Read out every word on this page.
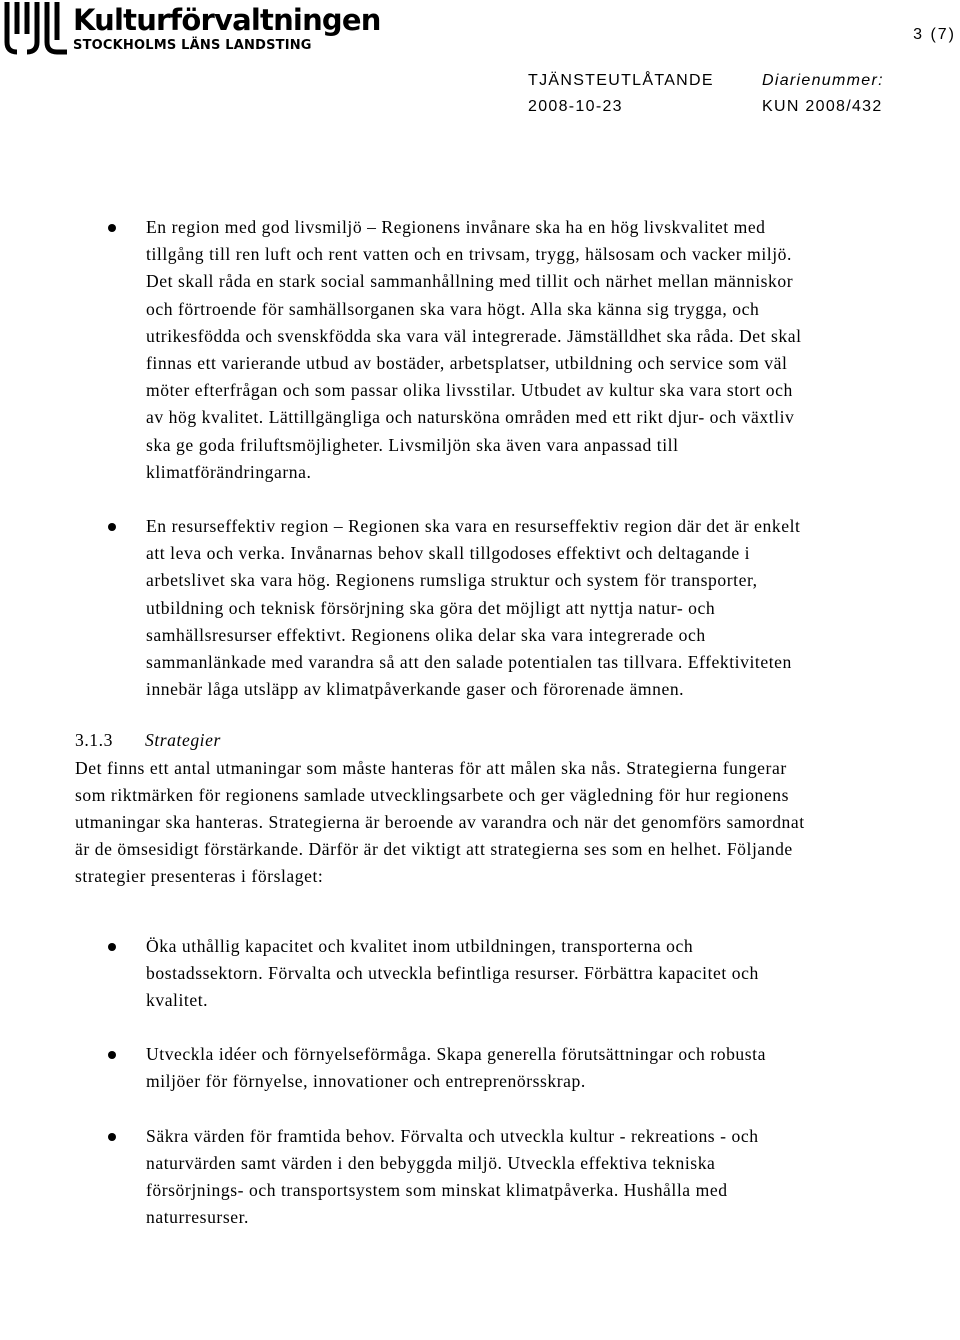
Kulturförvaltningen
STOCKHOLMS LÄNS LANDSTING
3 (7)
TJÄNSTEUTLÅTANDE	Diarienummer:
2008-10-23	KUN 2008/432
En region med god livsmiljö – Regionens invånare ska ha en hög livskvalitet med tillgång till ren luft och rent vatten och en trivsam, trygg, hälsosam och vacker miljö. Det skall råda en stark social sammanhållning med tillit och närhet mellan människor och förtroende för samhällsorganen ska vara högt. Alla ska känna sig trygga, och utrikesfödda och svenskfödda ska vara väl integrerade. Jämställdhet ska råda. Det skal finnas ett varierande utbud av bostäder, arbetsplatser, utbildning och service som väl möter efterfrågan och som passar olika livsstilar. Utbudet av kultur ska vara stort och av hög kvalitet. Lättillgängliga och natursköna områden med ett rikt djur- och växtliv ska ge goda friluftsmöjligheter. Livsmiljön ska även vara anpassad till klimatförändringarna.
En resurseffektiv region – Regionen ska vara en resurseffektiv region där det är enkelt att leva och verka. Invånarnas behov skall tillgodoses effektivt och deltagande i arbetslivet ska vara hög. Regionens rumsliga struktur och system för transporter, utbildning och teknisk försörjning ska göra det möjligt att nyttja natur- och samhällsresurser effektivt. Regionens olika delar ska vara integrerade och sammanlänkade med varandra så att den salade potentialen tas tillvara. Effektiviteten innebär låga utsläpp av klimatpåverkande gaser och förorenade ämnen.
3.1.3 Strategier

Det finns ett antal utmaningar som måste hanteras för att målen ska nås. Strategierna fungerar som riktmärken för regionens samlade utvecklingsarbete och ger vägledning för hur regionens utmaningar ska hanteras. Strategierna är beroende av varandra och när det genomförs samordnat är de ömsesidigt förstärkande. Därför är det viktigt att strategierna ses som en helhet. Följande strategier presenteras i förslaget:

Öka uthållig kapacitet och kvalitet inom utbildningen, transporterna och bostadssektorn. Förvalta och utveckla befintliga resurser. Förbättra kapacitet och kvalitet.
Utveckla idéer och förnyelseförmåga. Skapa generella förutsättningar och robusta miljöer för förnyelse, innovationer och entreprenörsskrap.
Säkra värden för framtida behov. Förvalta och utveckla kultur - rekreations - och naturvärden samt värden i den bebyggda miljö. Utveckla effektiva tekniska försörjnings- och transportsystem som minskat klimatpåverka. Hushålla med naturresurser.
